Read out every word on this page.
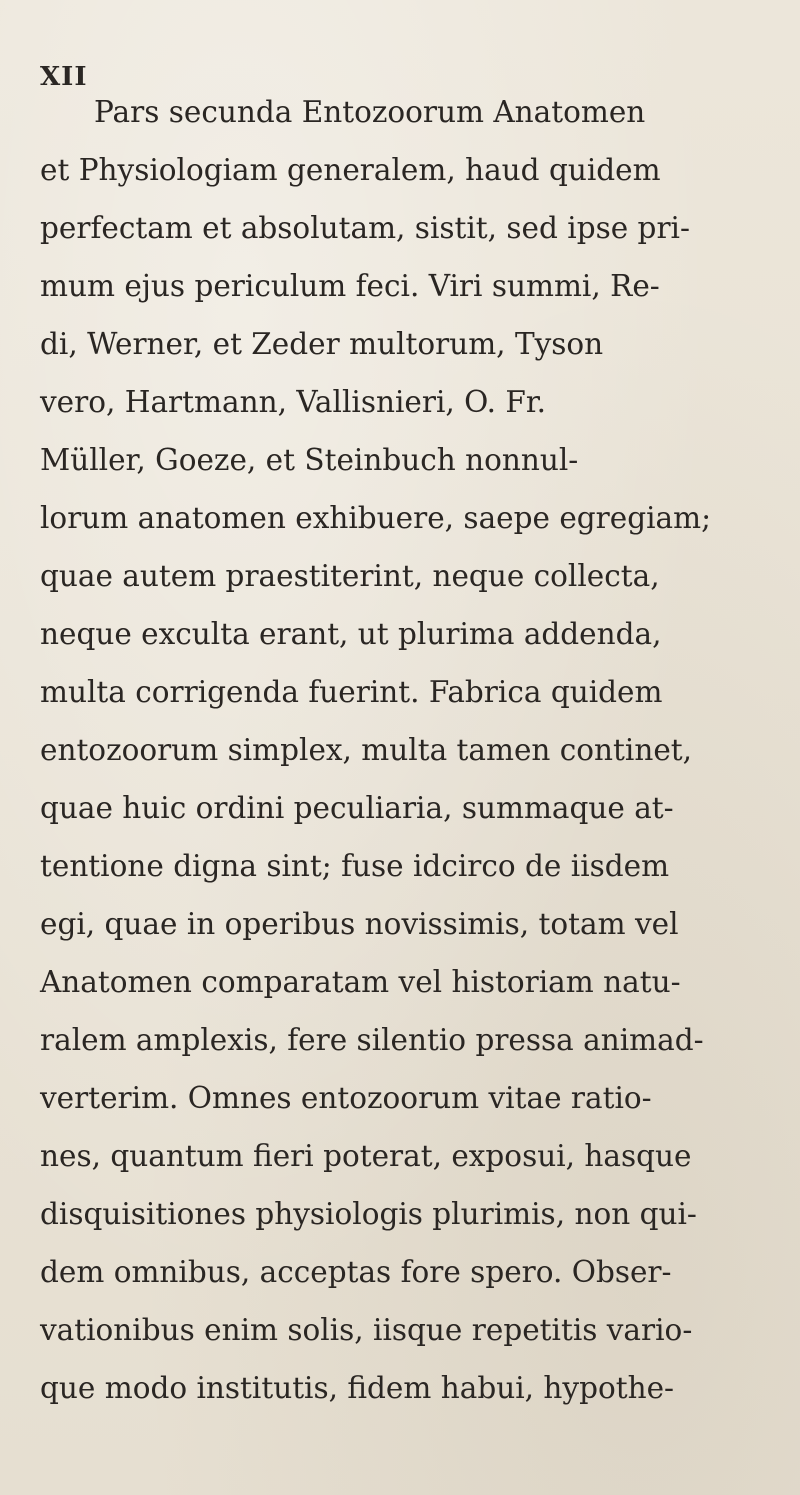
XII
Pars secunda Entozoorum Anatomen
et Physiologiam generalem, haud quidem
perfectam et absolutam, sistit, sed ipse pri-
mum ejus periculum feci. Viri summi, Re-
di, Werner, et Zeder multorum, Tyson
vero, Hartmann, Vallisnieri, O. Fr.
Müller, Goeze, et Steinbuch nonnul-
lorum anatomen exhibuere, saepe egregiam;
quae autem praestiterint, neque collecta,
neque exculta erant, ut plurima addenda,
multa corrigenda fuerint. Fabrica quidem
entozoorum simplex, multa tamen continet,
quae huic ordini peculiaria, summaque at-
tentione digna sint; fuse idcirco de iisdem
egi, quae in operibus novissimis, totam vel
Anatomen comparatam vel historiam natu-
ralem amplexis, fere silentio pressa animad-
verterim. Omnes entozoorum vitae ratio-
nes, quantum fieri poterat, exposui, hasque
disquisitiones physiologis plurimis, non qui-
dem omnibus, acceptas fore spero. Obser-
vationibus enim solis, iisque repetitis vario-
que modo institutis, fidem habui, hypothe-
